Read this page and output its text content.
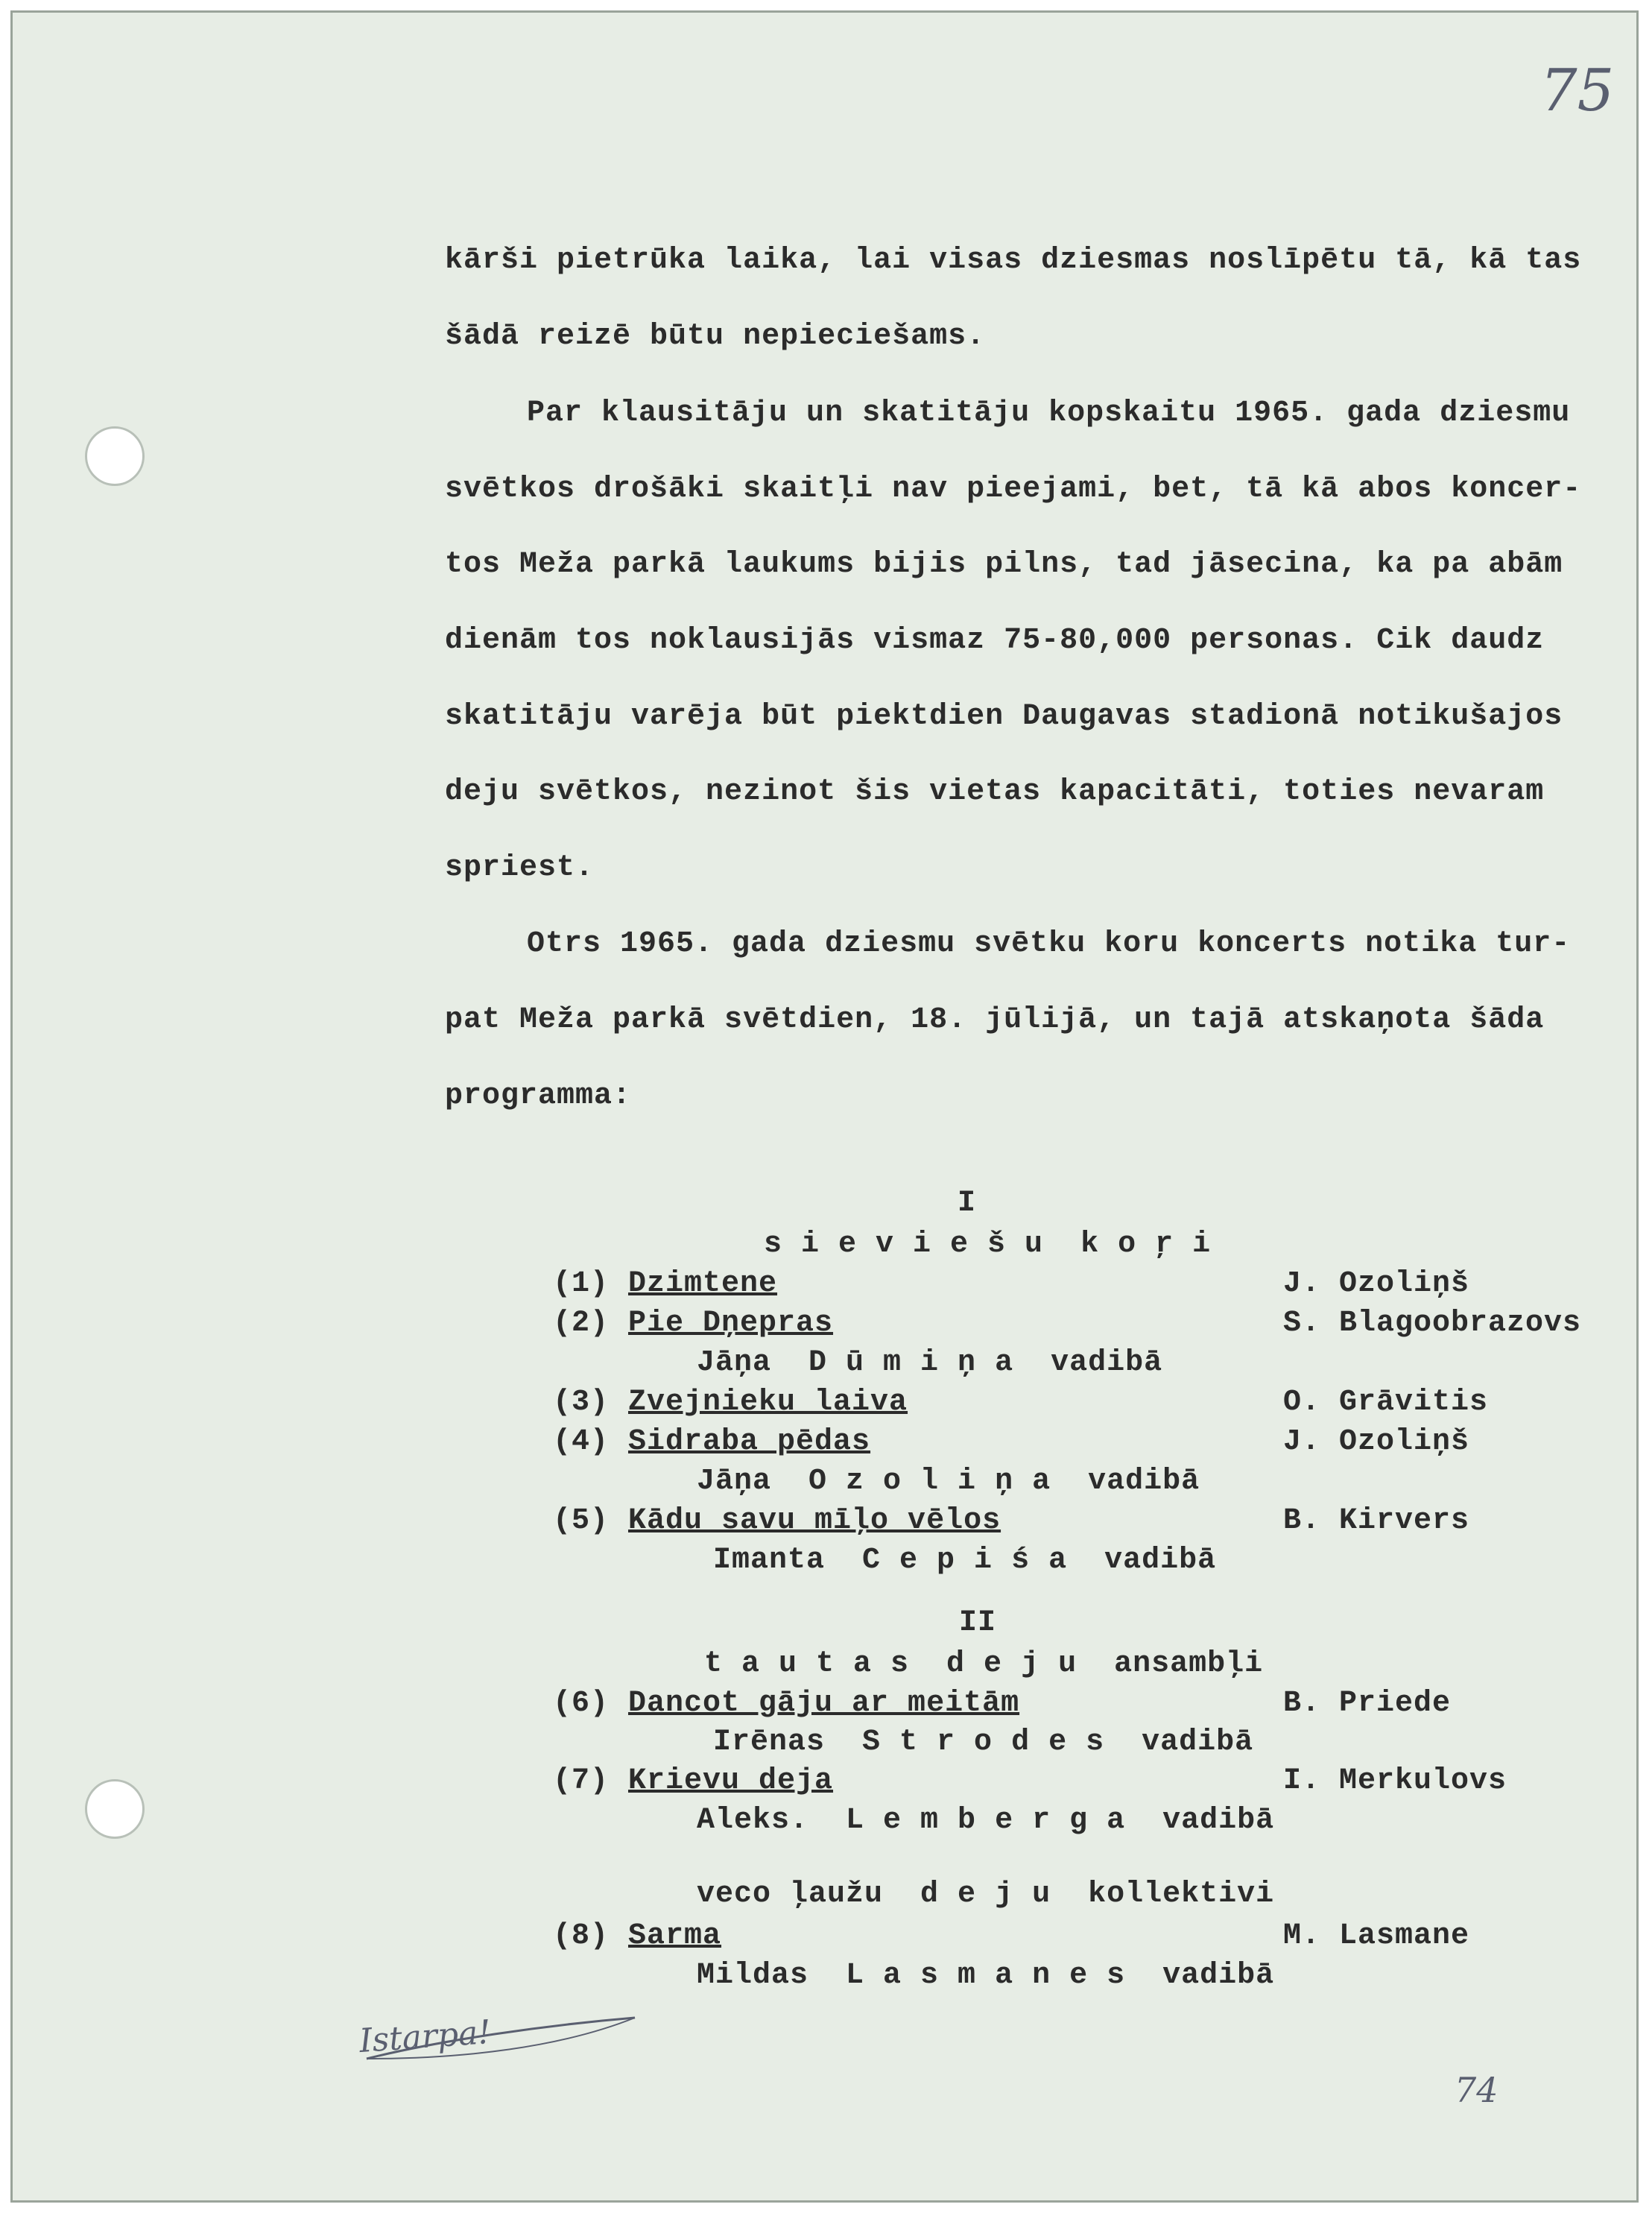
75
kārši pietrūka laika, lai visas dziesmas noslīpētu tā, kā tas
šādā reizē būtu nepieciešams.
Par klausitāju un skatitāju kopskaitu 1965. gada dziesmu
svētkos drošāki skaitļi nav pieejami, bet, tā kā abos koncer-
tos Meža parkā laukums bijis pilns, tad jāsecina, ka pa abām
dienām tos noklausijās vismaz 75-80,000 personas. Cik daudz
skatitāju varēja būt piektdien Daugavas stadionā notikušajos
deju svētkos, nezinot šis vietas kapacitāti, toties nevaram
spriest.
Otrs 1965. gada dziesmu svētku koru koncerts notika tur-
pat Meža parkā svētdien, 18. jūlijā, un tajā atskaņota šāda
programma:
I
s i e v i e š u  k o ŗ i
(1) Dzimtene	J. Ozoliņš
(2) Pie Dņepras	S. Blagoobrazovs
Jāņa  D ū m i ņ a  vadibā
(3) Zvejnieku laiva	O. Grāvitis
(4) Sidraba pēdas	J. Ozoliņš
Jāņa  O z o l i ņ a  vadibā
(5) Kādu savu mīļo vēlos	B. Kirvers
Imanta  C e p i ś a  vadibā
II
t a u t a s  d e j u  ansambļi
(6) Dancot gāju ar meitām	B. Priede
Irēnas  S t r o d e s  vadibā
(7) Krievu deja	I. Merkulovs
Aleks.  L e m b e r g a  vadibā
veco ļaužu  d e j u  kollektivi
(8) Sarma	M. Lasmane
Mildas  L a s m a n e s  vadibā
Istarpa!
74
